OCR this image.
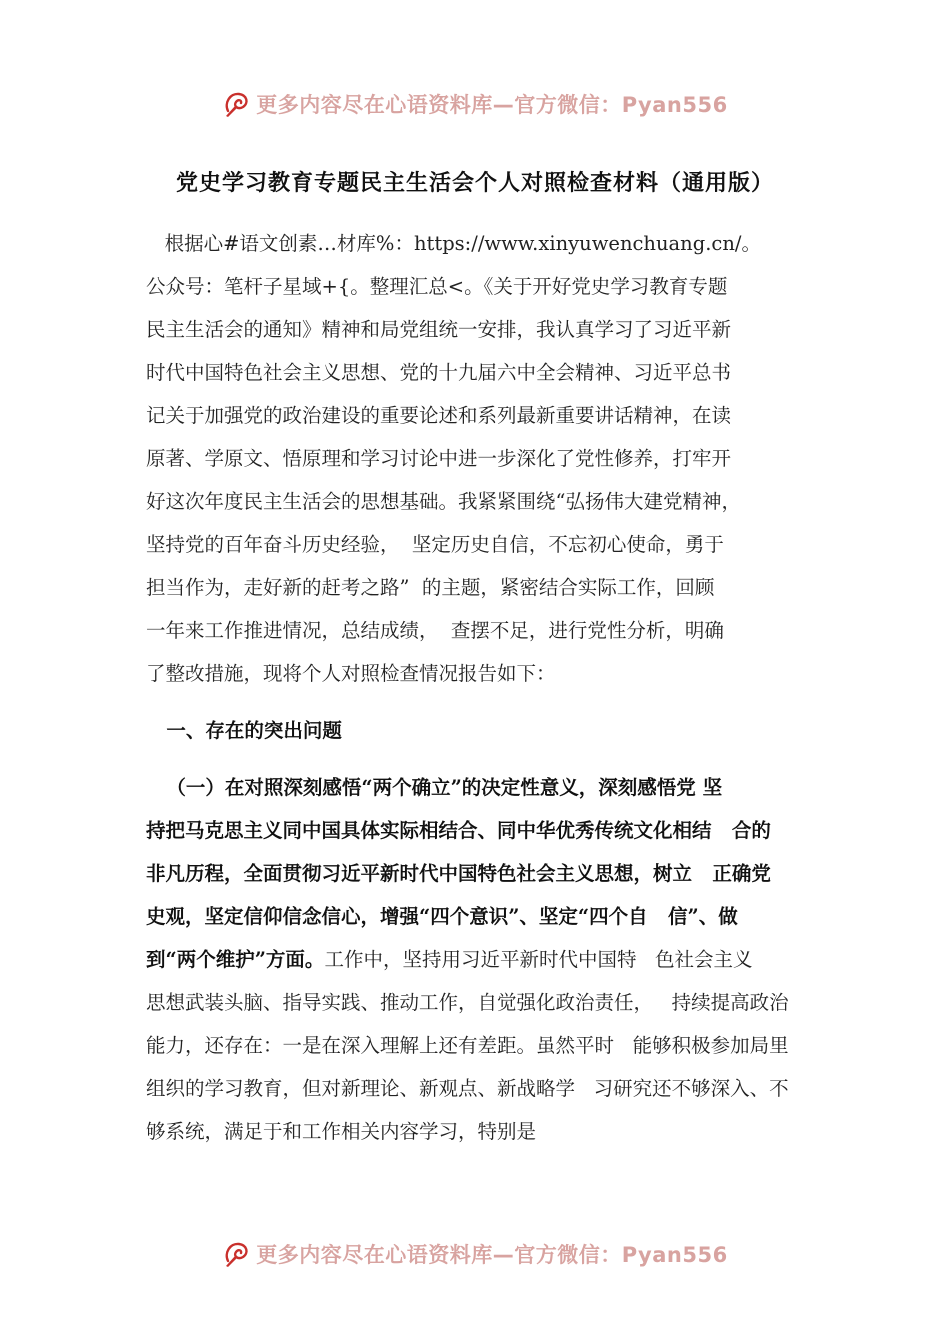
更多内容尽在心语资料库—官方微信：Pyan556
党史学习教育专题民主生活会个人对照检查材料（通用版）
根据心#语文创素…材库%：https://www.xinyuwenchuang.cn/。
公众号：笔杆子星域+{。整理汇总<。《关于开好党史学习教育专题
民主生活会的通知》精神和局党组统一安排，我认真学习了习近平新
时代中国特色社会主义思想、党的十九届六中全会精神、习近平总书
记关于加强党的政治建设的重要论述和系列最新重要讲话精神，在读
原著、学原文、悟原理和学习讨论中进一步深化了党性修养，打牢开
好这次年度民主生活会的思想基础。我紧紧围绕“弘扬伟大建党精神，
坚持党的百年奋斗历史经验，  坚定历史自信，不忘初心使命，勇于
担当作为，走好新的赶考之路”  的主题，紧密结合实际工作，回顾
一年来工作推进情况，总结成绩，  查摆不足，进行党性分析，明确
了整改措施，现将个人对照检查情况报告如下：
一、存在的突出问题
（一）在对照深刻感悟“两个确立”的决定性意义，深刻感悟党 坚
持把马克思主义同中国具体实际相结合、同中华优秀传统文化相结   合的
非凡历程，全面贯彻习近平新时代中国特色社会主义思想，树立   正确党
史观，坚定信仰信念信心，增强“四个意识”、坚定“四个自   信”、做
到“两个维护”方面。工作中，坚持用习近平新时代中国特   色社会主义
思想武装头脑、指导实践、推动工作，自觉强化政治责任，   持续提高政治
能力，还存在：一是在深入理解上还有差距。虽然平时   能够积极参加局里
组织的学习教育，但对新理论、新观点、新战略学   习研究还不够深入、不
够系统，满足于和工作相关内容学习，特别是
更多内容尽在心语资料库—官方微信：Pyan556
